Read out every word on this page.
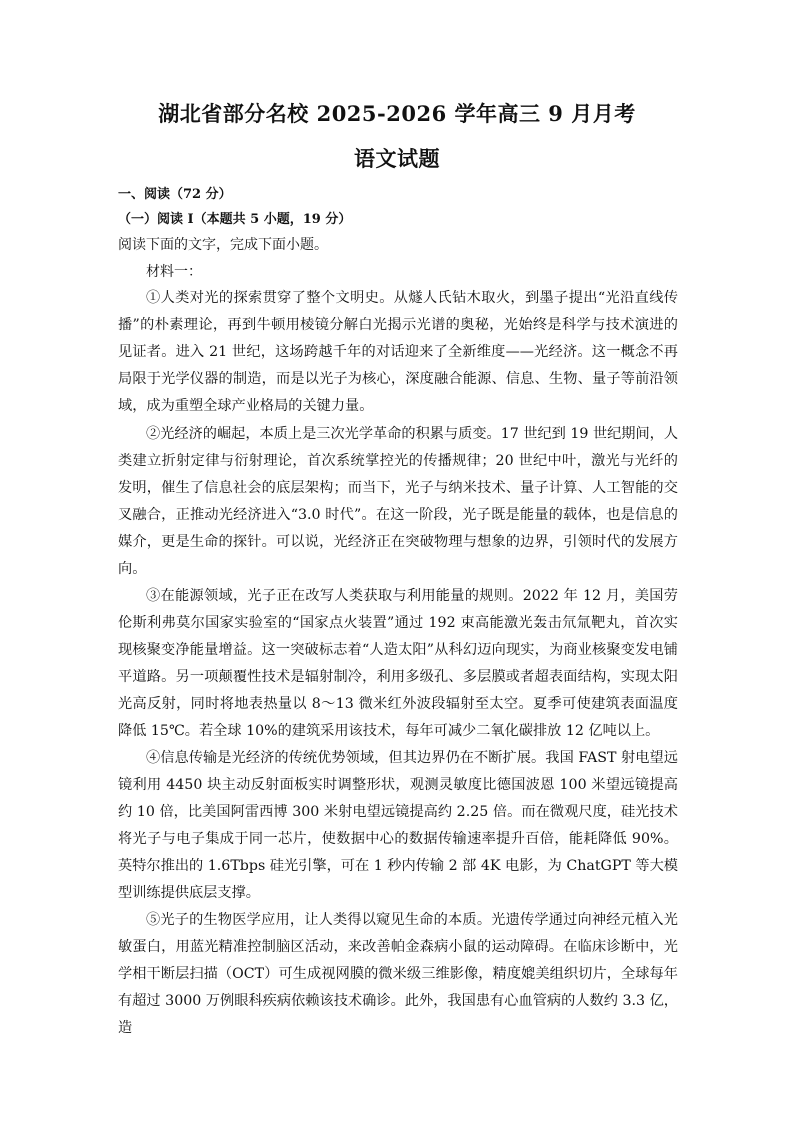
湖北省部分名校 2025-2026 学年高三 9 月月考
语文试题
一、阅读（72 分）
（一）阅读 I（本题共 5 小题，19 分）
阅读下面的文字，完成下面小题。
材料一：
①人类对光的探索贯穿了整个文明史。从燧人氏钻木取火，到墨子提出“光沿直线传播”的朴素理论，再到牛顿用棱镜分解白光揭示光谱的奥秘，光始终是科学与技术演进的见证者。进入 21 世纪，这场跨越千年的对话迎来了全新维度——光经济。这一概念不再局限于光学仪器的制造，而是以光子为核心，深度融合能源、信息、生物、量子等前沿领域，成为重塑全球产业格局的关键力量。
②光经济的崛起，本质上是三次光学革命的积累与质变。17 世纪到 19 世纪期间，人类建立折射定律与衍射理论，首次系统掌控光的传播规律；20 世纪中叶，激光与光纤的发明，催生了信息社会的底层架构；而当下，光子与纳米技术、量子计算、人工智能的交叉融合，正推动光经济进入“3.0 时代”。在这一阶段，光子既是能量的载体，也是信息的媒介，更是生命的探针。可以说，光经济正在突破物理与想象的边界，引领时代的发展方向。
③在能源领域，光子正在改写人类获取与利用能量的规则。2022 年 12 月，美国劳伦斯利弗莫尔国家实验室的“国家点火装置”通过 192 束高能激光轰击氘氚靶丸，首次实现核聚变净能量增益。这一突破标志着“人造太阳”从科幻迈向现实，为商业核聚变发电铺平道路。另一项颠覆性技术是辐射制冷，利用多级孔、多层膜或者超表面结构，实现太阳光高反射，同时将地表热量以 8～13 微米红外波段辐射至太空。夏季可使建筑表面温度降低 15℃。若全球 10%的建筑采用该技术，每年可减少二氧化碳排放 12 亿吨以上。
④信息传输是光经济的传统优势领域，但其边界仍在不断扩展。我国 FAST 射电望远镜利用 4450 块主动反射面板实时调整形状，观测灵敏度比德国波恩 100 米望远镜提高约 10 倍，比美国阿雷西博 300 米射电望远镜提高约 2.25 倍。而在微观尺度，硅光技术将光子与电子集成于同一芯片，使数据中心的数据传输速率提升百倍，能耗降低 90%。英特尔推出的 1.6Tbps 硅光引擎，可在 1 秒内传输 2 部 4K 电影，为 ChatGPT 等大模型训练提供底层支撑。
⑤光子的生物医学应用，让人类得以窥见生命的本质。光遗传学通过向神经元植入光敏蛋白，用蓝光精准控制脑区活动，来改善帕金森病小鼠的运动障碍。在临床诊断中，光学相干断层扫描（OCT）可生成视网膜的微米级三维影像，精度媲美组织切片，全球每年有超过 3000 万例眼科疾病依赖该技术确诊。此外，我国患有心血管病的人数约 3.3 亿，造
